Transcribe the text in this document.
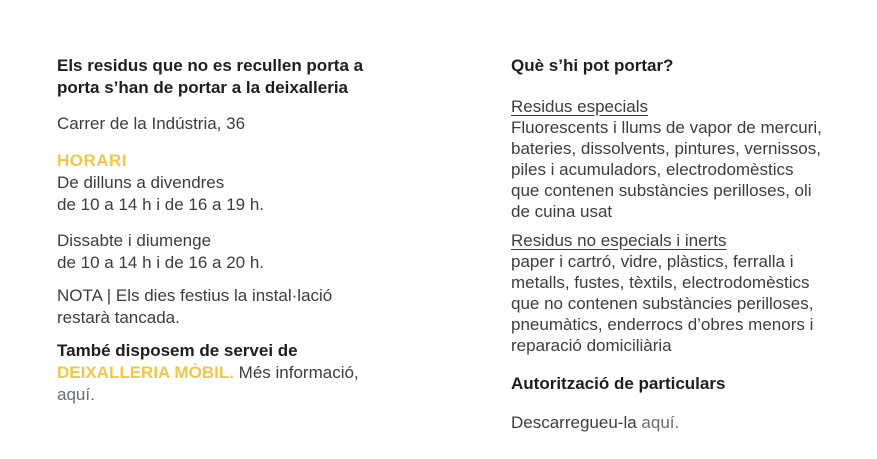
Els residus que no es recullen porta a
porta s’han de portar a la deixalleria
Carrer de la Indústria, 36
HORARI
De dilluns a divendres
de 10 a 14 h i de 16 a 19 h.
Dissabte i diumenge
de 10 a 14 h i de 16 a 20 h.
NOTA | Els dies festius la instal·lació
restarà tancada.
També disposem de servei de
DEIXALLERIA MÒBIL. Més informació,
aquí.
Què s’hi pot portar?
Residus especials
Fluorescents i llums de vapor de mercuri,
bateries, dissolvents, pintures, vernissos,
piles i acumuladors, electrodomèstics
que contenen substàncies perilloses, oli
de cuina usat
Residus no especials i inerts
paper i cartró, vidre, plàstics, ferralla i
metalls, fustes, tèxtils, electrodomèstics
que no contenen substàncies perilloses,
pneumàtics, enderrocs d’obres menors i
reparació domiciliària
Autorització de particulars
Descarregueu-la aquí.
